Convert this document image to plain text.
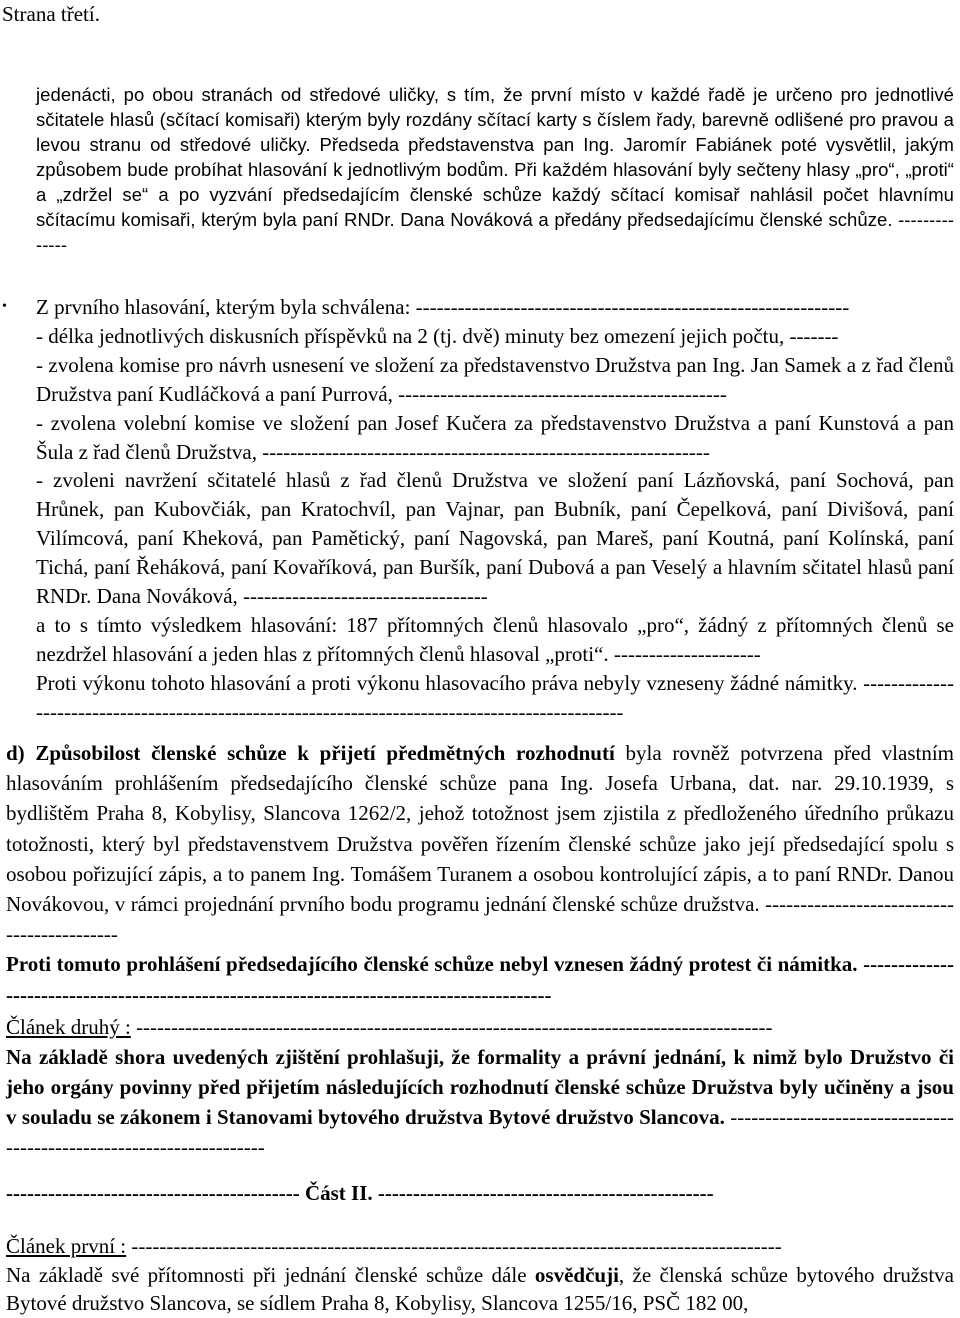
Strana třetí.
jedenácti, po obou stranách od středové uličky, s tím, že první místo v každé řadě je určeno pro jednotlivé sčitatele hlasů (sčítací komisaři) kterým byly rozdány sčítací karty s číslem řady, barevně odlišené pro pravou a levou stranu od středové uličky. Předseda představenstva pan Ing. Jaromír Fabiánek poté vysvětlil, jakým způsobem bude probíhat hlasování k jednotlivým bodům. Při každém hlasování byly sečteny hlasy „pro“, „proti“ a „zdržel se“ a po vyzvání předsedajícím členské schůze každý sčítací komisař nahlásil počet hlavnímu sčítacímu komisaři, kterým byla paní RNDr. Dana Nováková a předány předsedajícímu členské schůze. --------------
• Z prvního hlasování, kterým byla schválena: --------------------------------------------------------------

- délka jednotlivých diskusních příspěvků na 2 (tj. dvě) minuty bez omezení jejich počtu, -------

- zvolena komise pro návrh usnesení ve složení za představenstvo Družstva pan Ing. Jan Samek a z řad členů Družstva paní Kudláčková a paní Purrová, -----------------------------------------------

- zvolena volební komise ve složení pan Josef Kučera za představenstvo Družstva a paní Kunstová a pan Šula z řad členů Družstva, ----------------------------------------------------------------

- zvoleni navržení sčitatelé hlasů z řad členů Družstva ve složení paní Lázňovská, paní Sochová, pan Hrůnek, pan Kubovčiák, pan Kratochvíl, pan Vajnar, pan Bubník, paní Čepelková, paní Divišová, paní Vilímcová, paní Kheková, pan Pamětický, paní Nagovská, pan Mareš, paní Koutná, paní Kolínská, paní Tichá, paní Řeháková, paní Kovaříková, pan Buršík, paní Dubová a pan Veselý a hlavním sčitatel hlasů paní RNDr. Dana Nováková, -----------------------------------

a to s tímto výsledkem hlasování: 187 přítomných členů hlasovalo „pro“, žádný z přítomných členů se nezdržel hlasování a jeden hlas z přítomných členů hlasoval „proti“. ---------------------

Proti výkonu tohoto hlasování a proti výkonu hlasovacího práva nebyly vzneseny žádné námitky. -------------------------------------------------------------------------------------------------

d) Způsobilost členské schůze k přijetí předmětných rozhodnutí byla rovněž potvrzena před vlastním hlasováním prohlášením předsedajícího členské schůze pana Ing. Josefa Urbana, dat. nar. 29.10.1939, s bydlištěm Praha 8, Kobylisy, Slancova 1262/2, jehož totožnost jsem zjistila z předloženého úředního průkazu totožnosti, který byl představenstvem Družstva pověřen řízením členské schůze jako její předsedající spolu s osobou pořizující zápis, a to panem Ing. Tomášem Turanem a osobou kontrolující zápis, a to paní RNDr. Danou Novákovou, v rámci projednání prvního bodu programu jednání členské schůze družstva. -------------------------------------------

Proti tomuto prohlášení předsedajícího členské schůze nebyl vznesen žádný protest či námitka. -------------------------------------------------------------------------------------------

Článek druhý : -------------------------------------------------------------------------------------------

Na základě shora uvedených zjištění prohlašuji, že formality a právní jednání, k nimž bylo Družstvo či jeho orgány povinny před přijetím následujících rozhodnutí členské schůze Družstva byly učiněny a jsou v souladu se zákonem i Stanovami bytového družstva Bytové družstvo Slancova. ---------------------------------------------------------------------

------------------------------------------ Část II. ------------------------------------------------

Článek první : ---------------------------------------------------------------------------------------------

Na základě své přítomnosti při jednání členské schůze dále osvědčuji, že členská schůze bytového družstva Bytové družstvo Slancova, se sídlem Praha 8, Kobylisy, Slancova 1255/16, PSČ 182 00,
